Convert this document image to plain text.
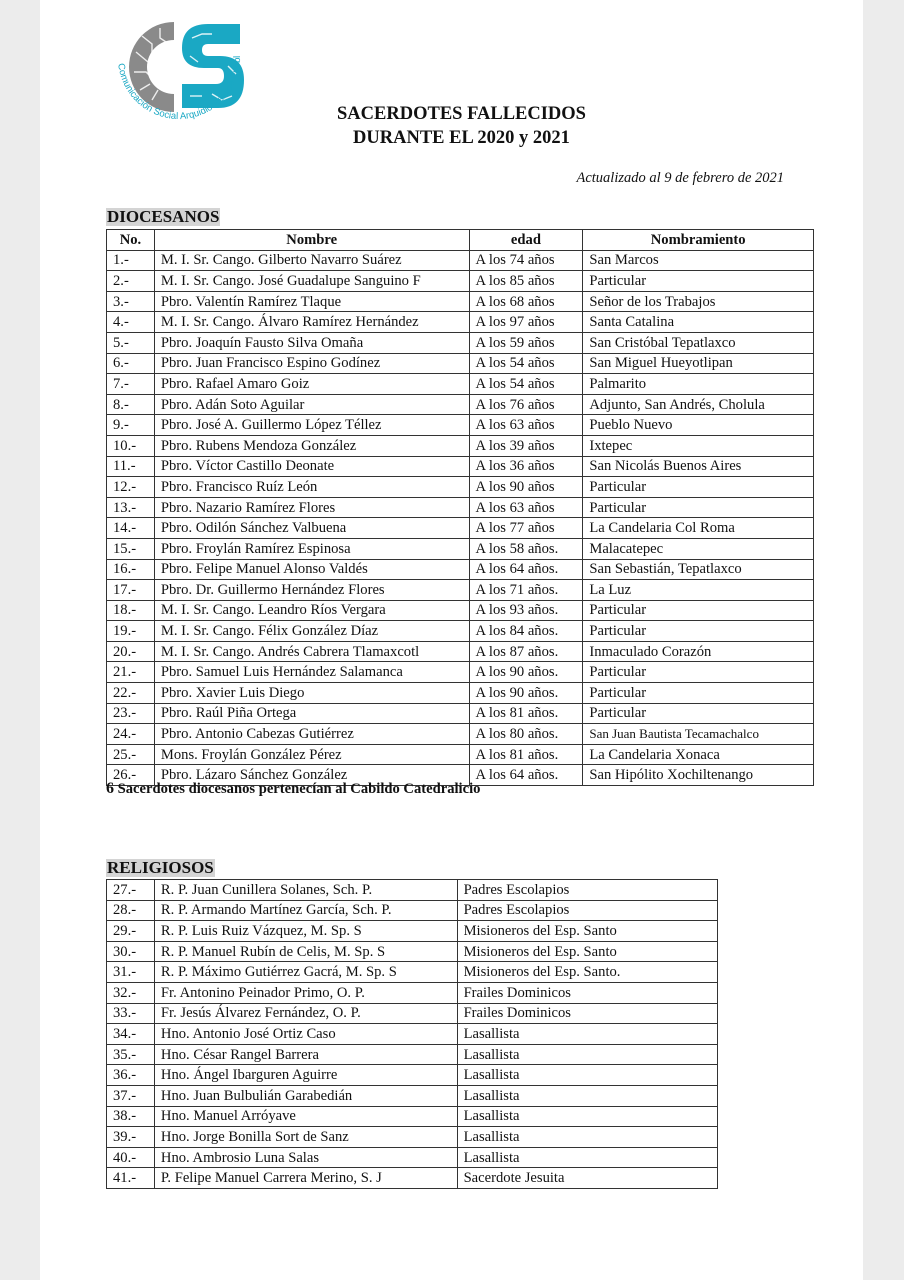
Comunicación Social Arquidiócesis de Puebl
SACERDOTES FALLECIDOS
DURANTE EL 2020 y 2021
Actualizado al 9 de febrero de 2021
DIOCESANOS
No.	Nombre	edad	Nombramiento
1.-	M. I. Sr. Cango. Gilberto Navarro Suárez	A los 74 años	San Marcos
2.-	M. I. Sr. Cango. José Guadalupe Sanguino F	A los 85 años	Particular
3.-	Pbro. Valentín Ramírez Tlaque	A los 68 años	Señor de los Trabajos
4.-	M. I. Sr. Cango. Álvaro Ramírez Hernández	A los 97 años	Santa Catalina
5.-	Pbro. Joaquín Fausto Silva Omaña	A los 59 años	San Cristóbal Tepatlaxco
6.-	Pbro. Juan Francisco Espino Godínez	A los 54 años	San Miguel Hueyotlipan
7.-	Pbro. Rafael Amaro Goiz	A los 54 años	Palmarito
8.-	Pbro. Adán Soto Aguilar	A los 76 años	Adjunto, San Andrés, Cholula
9.-	Pbro. José A. Guillermo López Téllez	A los 63 años	Pueblo Nuevo
10.-	Pbro. Rubens Mendoza González	A los 39 años	Ixtepec
11.-	Pbro. Víctor Castillo Deonate	A los 36 años	San Nicolás Buenos Aires
12.-	Pbro. Francisco Ruíz León	A los 90 años	Particular
13.-	Pbro. Nazario Ramírez Flores	A los 63 años	Particular
14.-	Pbro. Odilón Sánchez Valbuena	A los 77 años	La Candelaria Col Roma
15.-	Pbro. Froylán Ramírez Espinosa	A los 58 años.	Malacatepec
16.-	Pbro. Felipe Manuel Alonso Valdés	A los 64 años.	San Sebastián, Tepatlaxco
17.-	Pbro. Dr. Guillermo Hernández Flores	A los 71 años.	La Luz
18.-	M. I. Sr. Cango. Leandro Ríos Vergara	A los 93 años.	Particular
19.-	M. I. Sr. Cango. Félix González Díaz	A los 84 años.	Particular
20.-	M. I. Sr. Cango. Andrés Cabrera Tlamaxcotl	A los 87 años.	Inmaculado Corazón
21.-	Pbro. Samuel Luis Hernández Salamanca	A los 90 años.	Particular
22.-	Pbro. Xavier Luis Diego	A los 90 años.	Particular
23.-	Pbro. Raúl Piña Ortega	A los 81 años.	Particular
24.-	Pbro. Antonio Cabezas Gutiérrez	A los 80 años.	San Juan Bautista Tecamachalco
25.-	Mons. Froylán González Pérez	A los 81 años.	La Candelaria Xonaca
26.-	Pbro. Lázaro Sánchez González	A los 64 años.	San Hipólito Xochiltenango
6 Sacerdotes diocesanos pertenecían al Cabildo Catedralicio
RELIGIOSOS
27.-	R. P. Juan Cunillera Solanes, Sch. P.	Padres Escolapios
28.-	R. P. Armando Martínez García, Sch. P.	Padres Escolapios
29.-	R. P. Luis Ruiz Vázquez, M. Sp. S	Misioneros del Esp. Santo
30.-	R. P. Manuel Rubín de Celis, M. Sp. S	Misioneros del Esp. Santo
31.-	R. P. Máximo Gutiérrez Gacrá, M. Sp. S	Misioneros del Esp. Santo.
32.-	Fr. Antonino Peinador Primo, O. P.	Frailes Dominicos
33.-	Fr. Jesús Álvarez Fernández, O. P.	Frailes Dominicos
34.-	Hno. Antonio José Ortiz Caso	Lasallista
35.-	Hno. César Rangel Barrera	Lasallista
36.-	Hno. Ángel Ibarguren Aguirre	Lasallista
37.-	Hno. Juan Bulbulián Garabedián	Lasallista
38.-	Hno. Manuel Arróyave	Lasallista
39.-	Hno. Jorge Bonilla Sort de Sanz	Lasallista
40.-	Hno. Ambrosio Luna Salas	Lasallista
41.-	P. Felipe Manuel Carrera Merino, S. J	Sacerdote Jesuita
